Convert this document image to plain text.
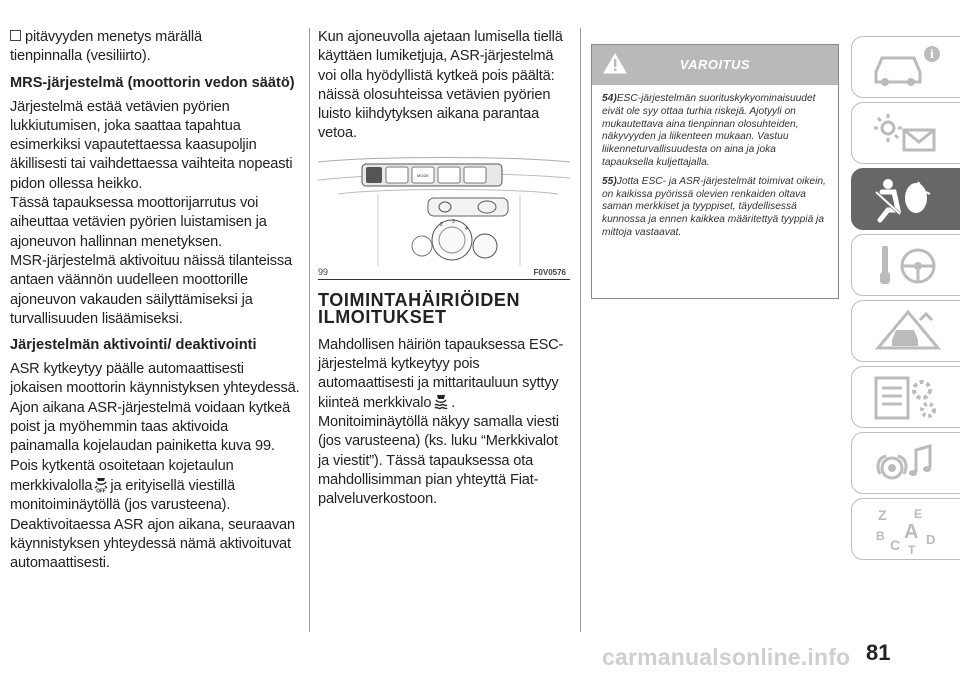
pitävyyden menetys märällä

tienpinnalla (vesiliirto).

MRS-järjestelmä (moottorin vedon säätö)

Järjestelmä estää vetävien pyörien lukkiutumisen, joka saattaa tapahtua esimerkiksi vapautettaessa kaasupoljin äkillisesti tai vaihdettaessa vaihteita nopeasti pidon ollessa heikko.

Tässä tapauksessa moottorijarrutus voi aiheuttaa vetävien pyörien luistamisen ja ajoneuvon hallinnan menetyksen.

MSR-järjestelmä aktivoituu näissä tilanteissa antaen väännön uudelleen moottorille ajoneuvon vakauden säilyttämiseksi ja turvallisuuden lisäämiseksi.

Järjestelmän aktivointi/ deaktivointi

ASR kytkeytyy päälle automaattisesti jokaisen moottorin käynnistyksen yhteydessä.

Ajon aikana ASR-järjestelmä voidaan kytkeä poist ja myöhemmin taas aktivoida painamalla kojelaudan painiketta kuva 99.

Pois kytkentä osoitetaan kojetaulun merkkivalolla OFF ja erityisellä viestillä monitoiminäytöllä (jos varusteena).

Deaktivoitaessa ASR ajon aikana, seuraavan käynnistyksen yhteydessä nämä aktivoituvat automaattisesti.

Kun ajoneuvolla ajetaan lumisella tiellä käyttäen lumiketjuja, ASR-järjestelmä voi olla hyödyllistä kytkeä pois päältä: näissä olosuhteissa vetävien pyörien luisto kiihdytyksen aikana parantaa vetoa.

MODE
2 3
4
99	F0V0576
TOIMINTAHÄIRIÖIDEN ILMOITUKSET

Mahdollisen häiriön tapauksessa ESC-järjestelmä kytkeytyy pois automaattisesti ja mittaritauluun syttyy kiinteä merkkivalo .

Monitoiminäytöllä näkyy samalla viesti (jos varusteena) (ks. luku “Merkkivalot ja viestit”). Tässä tapauksessa ota mahdollisimman pian yhteyttä Fiat-palveluverkostoon.

VAROITUS

54)ESC-järjestelmän suorituskykyominaisuudet eivät ole syy ottaa turhia riskejä. Ajotyyli on mukautettava aina tienpinnan olosuhteiden, näkyvyyden ja liikenteen mukaan. Vastuu liikenneturvallisuudesta on aina ja joka tapauksella kuljettajalla.

55)Jotta ESC- ja ASR-järjestelmät toimivat oikein, on kaikissa pyörissä olevien renkaiden oltava saman merkkiset ja tyyppiset, täydellisessä kunnossa ja ennen kaikkea määritettyä tyyppiä ja mittoja vastaavat.

i
Z E
B A
C D
T
81
carmanualsonline.info
